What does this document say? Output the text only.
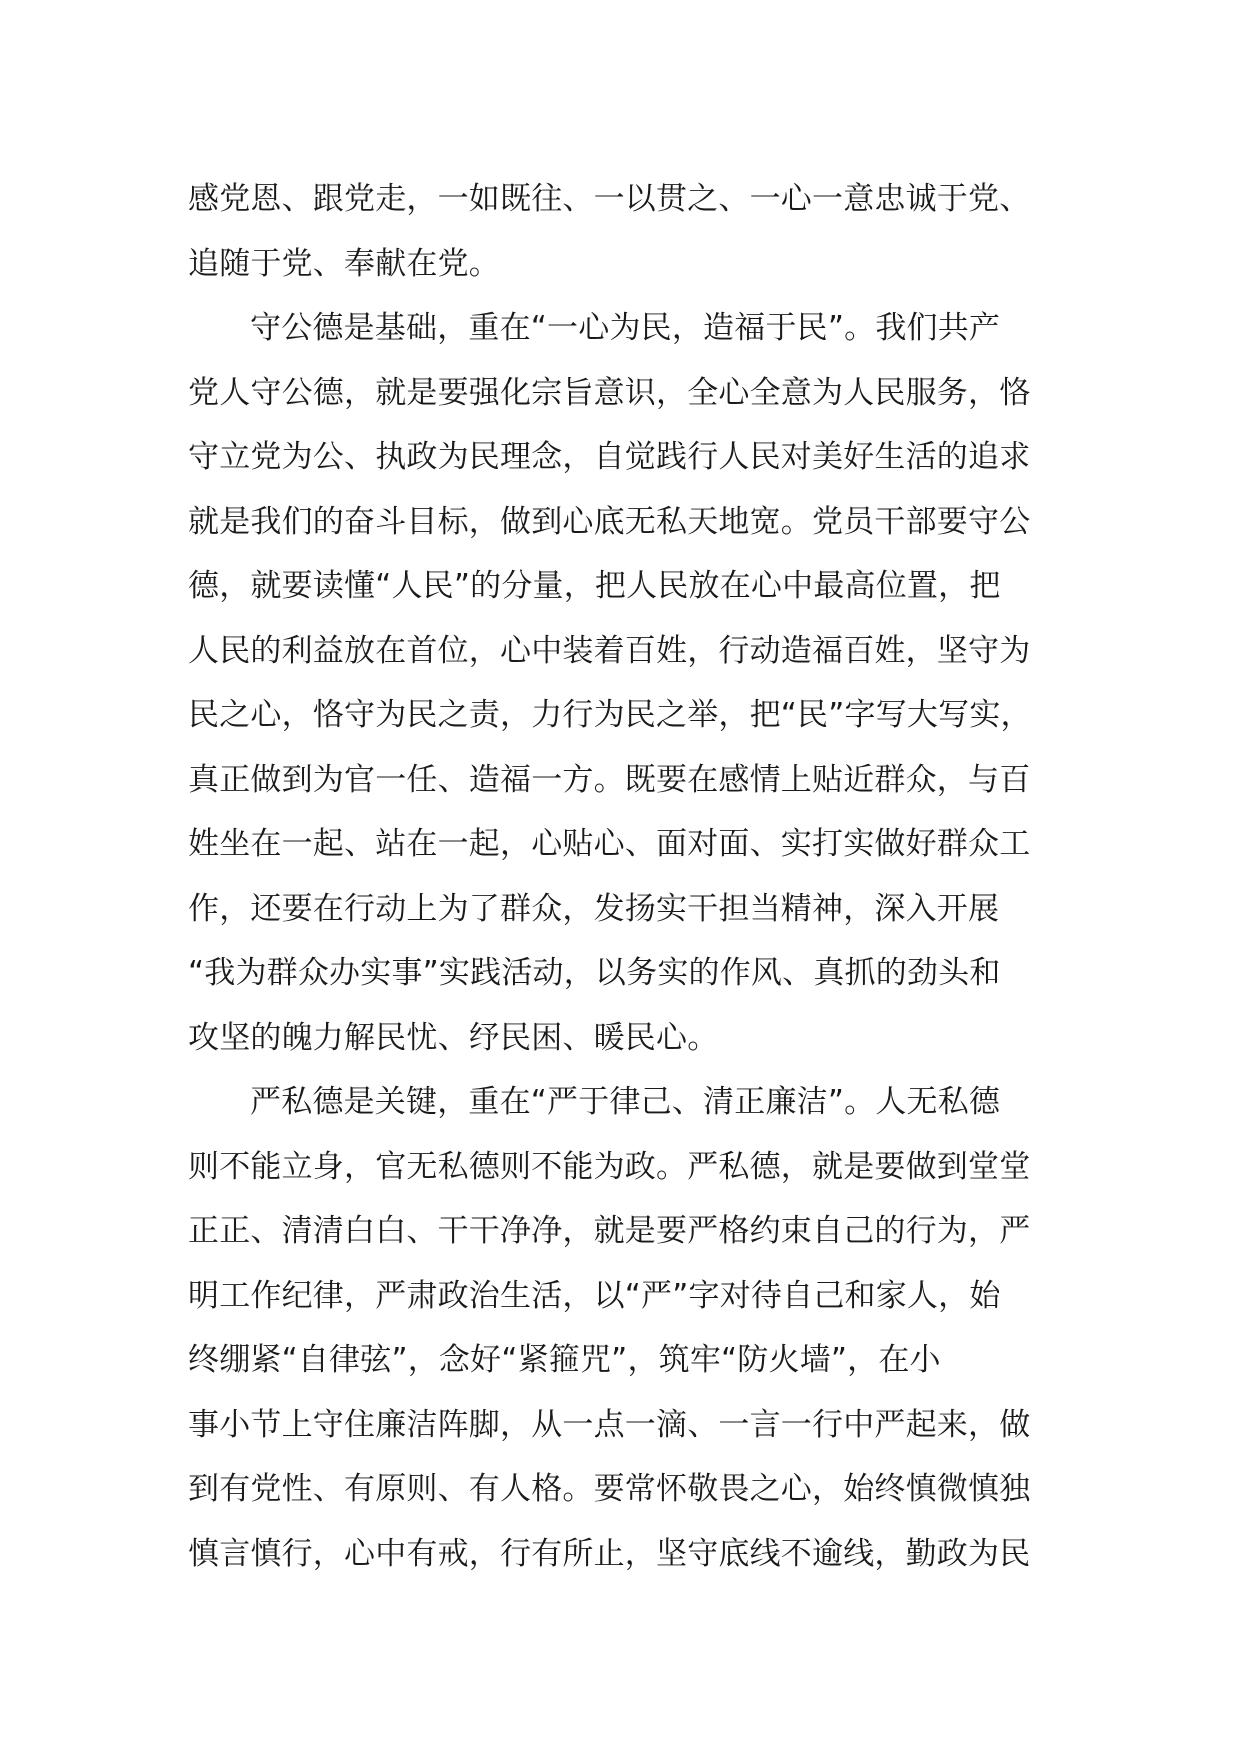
感党恩、跟党走，一如既往、一以贯之、一心一意忠诚于党、
追随于党、奉献在党。
守公德是基础，重在“一心为民，造福于民”。我们共产
党人守公德，就是要强化宗旨意识，全心全意为人民服务，恪
守立党为公、执政为民理念，自觉践行人民对美好生活的追求
就是我们的奋斗目标，做到心底无私天地宽。党员干部要守公
德，就要读懂“人民”的分量，把人民放在心中最高位置，把
人民的利益放在首位，心中装着百姓，行动造福百姓，坚守为
民之心，恪守为民之责，力行为民之举，把“民”字写大写实，
真正做到为官一任、造福一方。既要在感情上贴近群众，与百
姓坐在一起、站在一起，心贴心、面对面、实打实做好群众工
作，还要在行动上为了群众，发扬实干担当精神，深入开展
“我为群众办实事”实践活动，以务实的作风、真抓的劲头和
攻坚的魄力解民忧、纾民困、暖民心。
严私德是关键，重在“严于律己、清正廉洁”。人无私德
则不能立身，官无私德则不能为政。严私德，就是要做到堂堂
正正、清清白白、干干净净，就是要严格约束自己的行为，严
明工作纪律，严肃政治生活，以“严”字对待自己和家人，始
终绷紧“自律弦”，念好“紧箍咒”，筑牢“防火墙”，在小
事小节上守住廉洁阵脚，从一点一滴、一言一行中严起来，做
到有党性、有原则、有人格。要常怀敬畏之心，始终慎微慎独
慎言慎行，心中有戒，行有所止，坚守底线不逾线，勤政为民
